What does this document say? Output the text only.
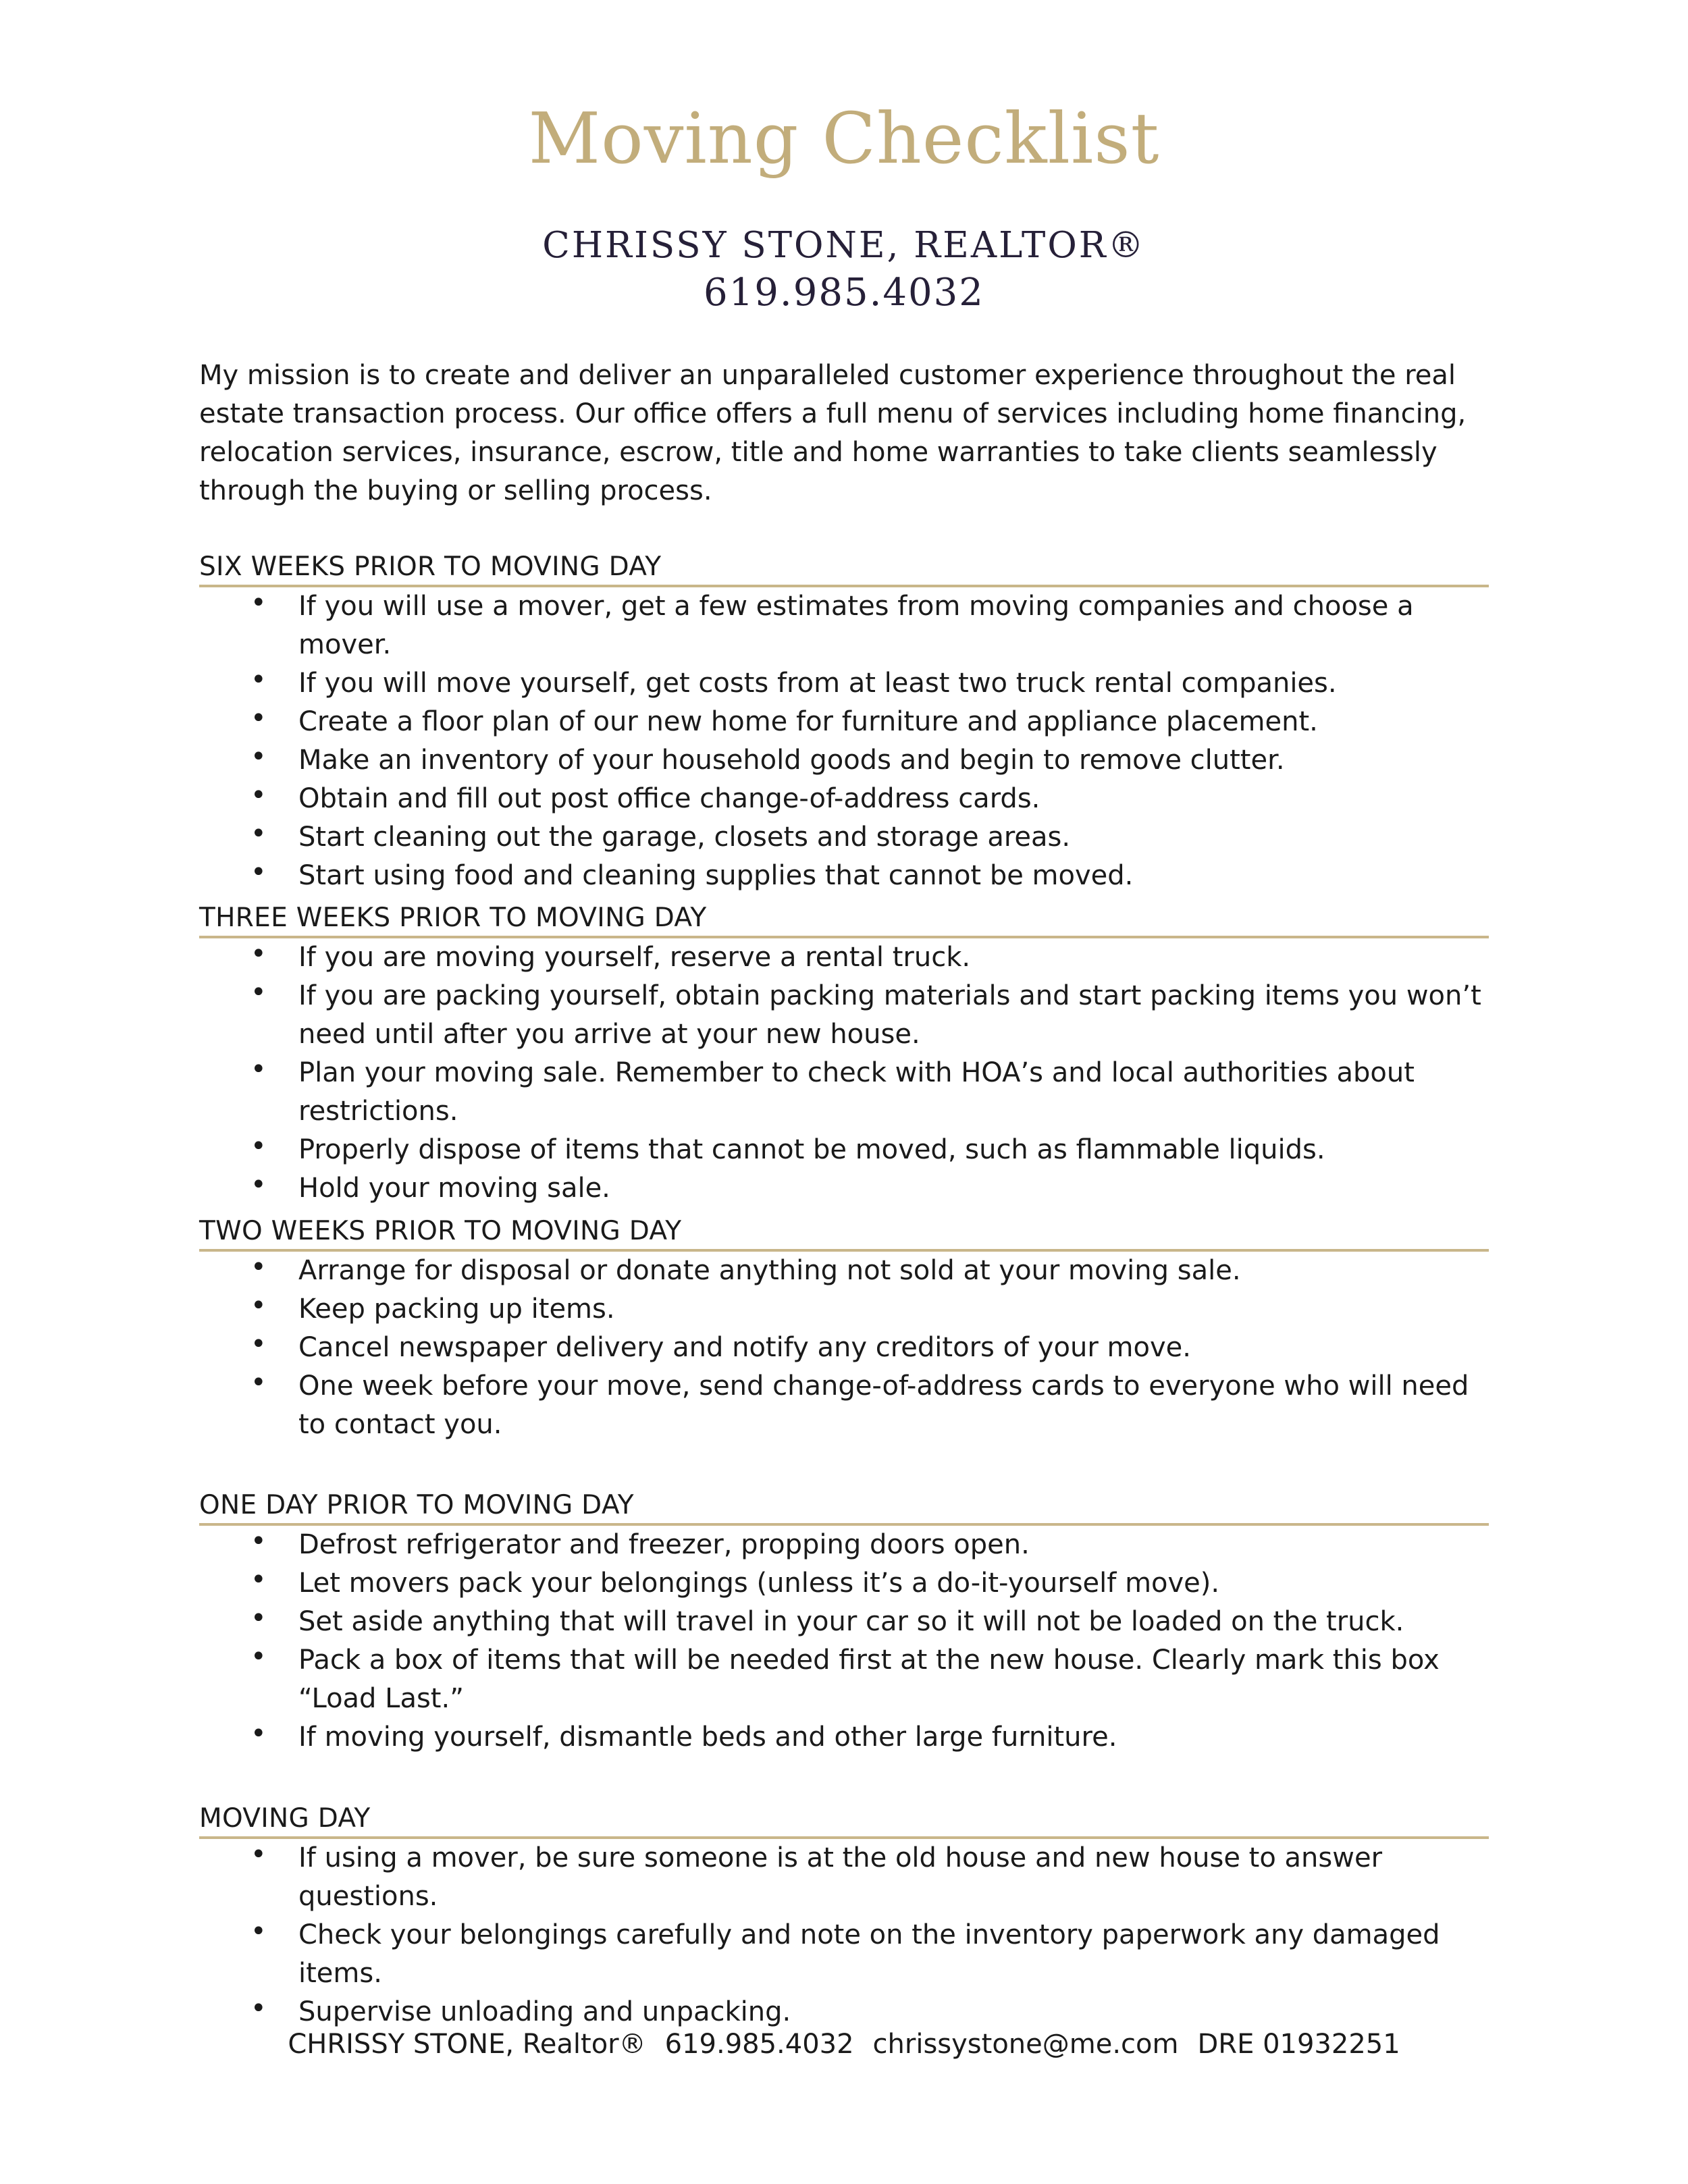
Moving Checklist
CHRISSY STONE, REALTOR®
619.985.4032

My mission is to create and deliver an unparalleled customer experience throughout the real estate transaction process. Our office offers a full menu of services including home financing, relocation services, insurance, escrow, title and home warranties to take clients seamlessly through the buying or selling process.

SIX WEEKS PRIOR TO MOVING DAY
• If you will use a mover, get a few estimates from moving companies and choose a mover.
• If you will move yourself, get costs from at least two truck rental companies.
• Create a floor plan of our new home for furniture and appliance placement.
• Make an inventory of your household goods and begin to remove clutter.
• Obtain and fill out post office change-of-address cards.
• Start cleaning out the garage, closets and storage areas.
• Start using food and cleaning supplies that cannot be moved.
THREE WEEKS PRIOR TO MOVING DAY
• If you are moving yourself, reserve a rental truck.
• If you are packing yourself, obtain packing materials and start packing items you won’t need until after you arrive at your new house.
• Plan your moving sale. Remember to check with HOA’s and local authorities about restrictions.
• Properly dispose of items that cannot be moved, such as flammable liquids.
• Hold your moving sale.
TWO WEEKS PRIOR TO MOVING DAY
• Arrange for disposal or donate anything not sold at your moving sale.
• Keep packing up items.
• Cancel newspaper delivery and notify any creditors of your move.
• One week before your move, send change-of-address cards to everyone who will need to contact you.
ONE DAY PRIOR TO MOVING DAY
• Defrost refrigerator and freezer, propping doors open.
• Let movers pack your belongings (unless it’s a do-it-yourself move).
• Set aside anything that will travel in your car so it will not be loaded on the truck.
• Pack a box of items that will be needed first at the new house. Clearly mark this box “Load Last.”
• If moving yourself, dismantle beds and other large furniture.
MOVING DAY
• If using a mover, be sure someone is at the old house and new house to answer questions.
• Check your belongings carefully and note on the inventory paperwork any damaged items.
• Supervise unloading and unpacking.
CHRISSY STONE, Realtor® 619.985.4032 chrissystone@me.com DRE 01932251
